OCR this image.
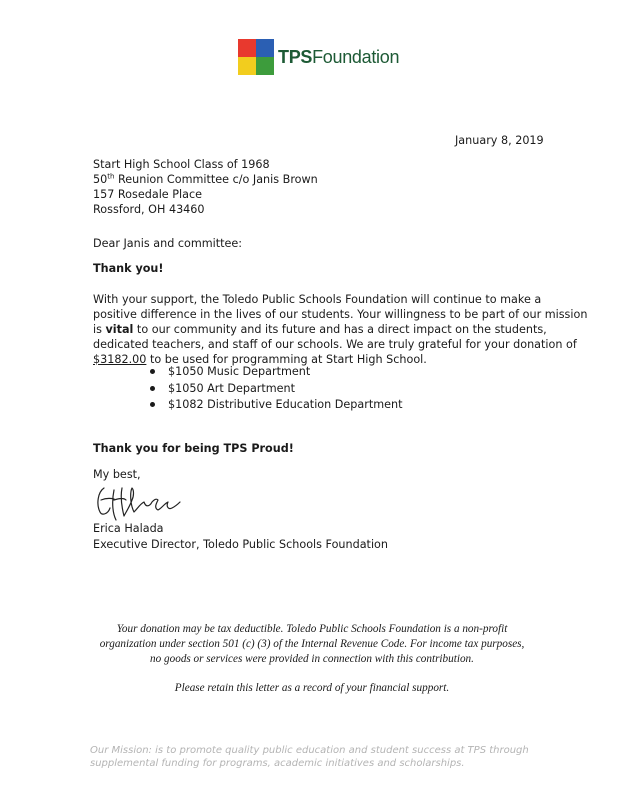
TPSFoundation
January 8, 2019
Start High School Class of 1968
50th Reunion Committee c/o Janis Brown
157 Rosedale Place
Rossford, OH 43460
Dear Janis and committee:
Thank you!
With your support, the Toledo Public Schools Foundation will continue to make a
positive difference in the lives of our students. Your willingness to be part of our mission
is vital to our community and its future and has a direct impact on the students,
dedicated teachers, and staff of our schools. We are truly grateful for your donation of
$3182.00 to be used for programming at Start High School.
$1050 Music Department
$1050 Art Department
$1082 Distributive Education Department
Thank you for being TPS Proud!
My best,
Erica Halada
Executive Director, Toledo Public Schools Foundation
Your donation may be tax deductible. Toledo Public Schools Foundation is a non-profit
organization under section 501 (c) (3) of the Internal Revenue Code. For income tax purposes,
no goods or services were provided in connection with this contribution.
Please retain this letter as a record of your financial support.
Our Mission: is to promote quality public education and student success at TPS through
supplemental funding for programs, academic initiatives and scholarships.
